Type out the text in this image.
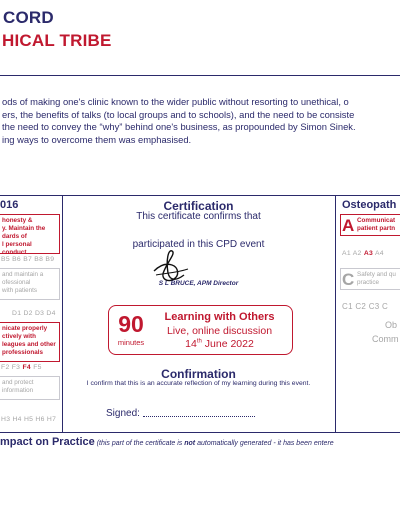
CORD
HICAL TRIBE
ods of making one's clinic known to the wider public without resorting to unethical, o
ers, the benefits of talks (to local groups and to schools), and the need to be consiste
the need to convey the “why” behind one's business, as propounded by Simon Sinek.
ing ways to overcome them was emphasised.
016
honesty &
y. Maintain the
dards of
l personal conduct
B5 B6 B7 B8 B9
and maintain a
ofessional
with patients
D1 D2 D3 D4
nicate properly
ctively with
leagues and other
professionals
F2 F3 F4 F5
and protect
information
H3 H4 H5 H6 H7
Certification
This certificate confirms that
participated in this CPD event
S L BRUCE, APM Director
90
minutes
Learning with Others
Live, online discussion
14th June 2022
Confirmation
I confirm that this is an accurate reflection of my learning during this event.
Signed:
Osteopath
Communicat
patient partn
A
A1 A2 A3 A4
Safety and qu
practice
C
C1 C2 C3 C
Ob
Comm
mpact on Practice (this part of the certificate is not automatically generated - it has been entere
